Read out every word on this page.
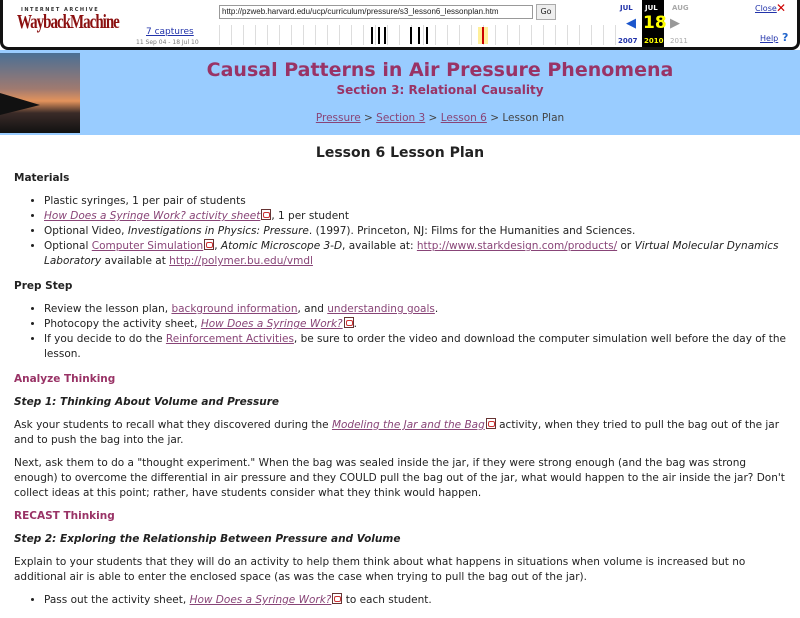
INTERNET ARCHIVE
WaybackMachine	7 captures
11 Sep 04 - 18 Jul 10
http://pzweb.harvard.edu/ucp/curriculum/pressure/s3_lesson6_lessonplan.htm	Go	JUL JUL
18
AUG
◀	▶
2007 2010 2011
Close ✕
Help ?
Causal Patterns in Air Pressure Phenomena
Section 3: Relational Causality
Pressure > Section 3 > Lesson 6 > Lesson Plan
Lesson 6 Lesson Plan
Materials
• Plastic syringes, 1 per pair of students
• How Does a Syringe Work? activity sheet , 1 per student
• Optional Video, Investigations in Physics: Pressure. (1997). Princeton, NJ: Films for the Humanities and Sciences.
• Optional Computer Simulation , Atomic Microscope 3-D, available at: http://www.starkdesign.com/products/ or Virtual Molecular Dynamics Laboratory available at http://polymer.bu.edu/vmdl
Prep Step
• Review the lesson plan, background information, and understanding goals.
• Photocopy the activity sheet, How Does a Syringe Work? .
• If you decide to do the Reinforcement Activities, be sure to order the video and download the computer simulation well before the day of the lesson.
Analyze Thinking
Step 1: Thinking About Volume and Pressure

Ask your students to recall what they discovered during the Modeling the Jar and the Bag activity, when they tried to pull the bag out of the jar and to push the bag into the jar.

Next, ask them to do a "thought experiment." When the bag was sealed inside the jar, if they were strong enough (and the bag was strong enough) to overcome the differential in air pressure and they COULD pull the bag out of the jar, what would happen to the air inside the jar? Don't collect ideas at this point; rather, have students consider what they think would happen.

RECAST Thinking
Step 2: Exploring the Relationship Between Pressure and Volume

Explain to your students that they will do an activity to help them think about what happens in situations when volume is increased but no additional air is able to enter the enclosed space (as was the case when trying to pull the bag out of the jar).

• Pass out the activity sheet, How Does a Syringe Work? to each student.
